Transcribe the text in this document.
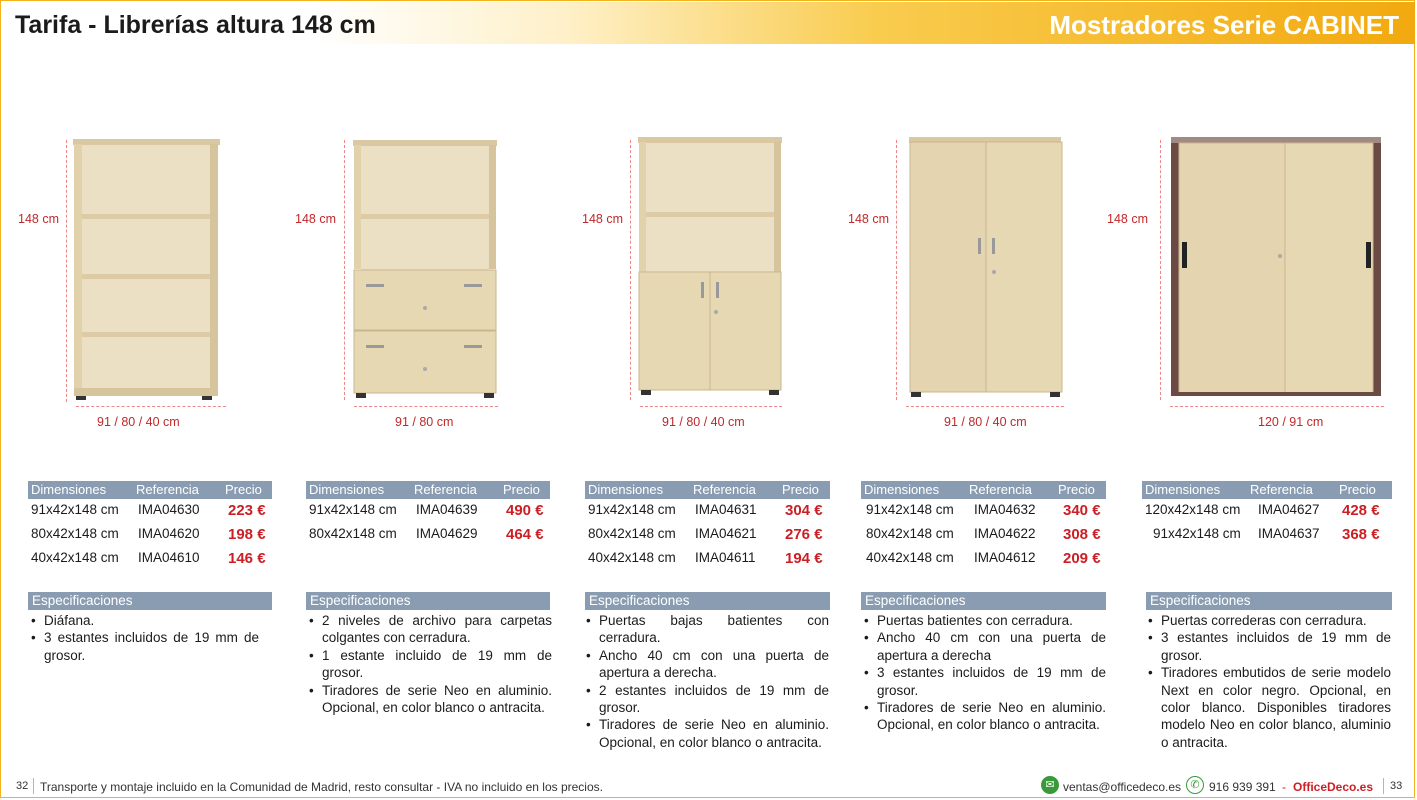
Tarifa - Librerías altura 148 cm	Mostradores Serie CABINET
148 cm
91 / 80 / 40 cm
Dimensiones Referencia Precio
91x42x148 cm IMA04630 223 €
80x42x148 cm IMA04620 198 €
40x42x148 cm IMA04610 146 €
Especificaciones
• Diáfana.
• 3 estantes incluidos de 19 mm de grosor.
148 cm
91 / 80 cm
Dimensiones Referencia Precio
91x42x148 cm IMA04639 490 €
80x42x148 cm IMA04629 464 €
Especificaciones
• 2 niveles de archivo para carpetas colgantes con cerradura.
• 1 estante incluido de 19 mm de grosor.
• Tiradores de serie Neo en aluminio. Opcional, en color blanco o antracita.
148 cm
91 / 80 / 40 cm
Dimensiones Referencia Precio
91x42x148 cm IMA04631 304 €
80x42x148 cm IMA04621 276 €
40x42x148 cm IMA04611 194 €
Especificaciones
• Puertas bajas batientes con cerradura.
• Ancho 40 cm con una puerta de apertura a derecha.
• 2 estantes incluidos de 19 mm de grosor.
• Tiradores de serie Neo en aluminio. Opcional, en color blanco o antracita.
148 cm
91 / 80 / 40 cm
Dimensiones Referencia Precio
91x42x148 cm IMA04632 340 €
80x42x148 cm IMA04622 308 €
40x42x148 cm IMA04612 209 €
Especificaciones
• Puertas batientes con cerradura.
• Ancho 40 cm con una puerta de apertura a derecha
• 3 estantes incluidos de 19 mm de grosor.
• Tiradores de serie Neo en aluminio. Opcional, en color blanco o antracita.
148 cm
120 / 91 cm
Dimensiones Referencia Precio
120x42x148 cm IMA04627 428 €
91x42x148 cm IMA04637 368 €
Especificaciones
• Puertas correderas con cerradura.
• 3 estantes incluidos de 19 mm de grosor.
• Tiradores embutidos de serie modelo Next en color negro. Opcional, en color blanco. Disponibles tiradores modelo Neo en color blanco, aluminio o antracita.
32 Transporte y montaje incluido en la Comunidad de Madrid, resto consultar - IVA no incluido en los precios.	✉ ventas@officedeco.es ✆ 916 939 391 - OfficeDeco.es 33
